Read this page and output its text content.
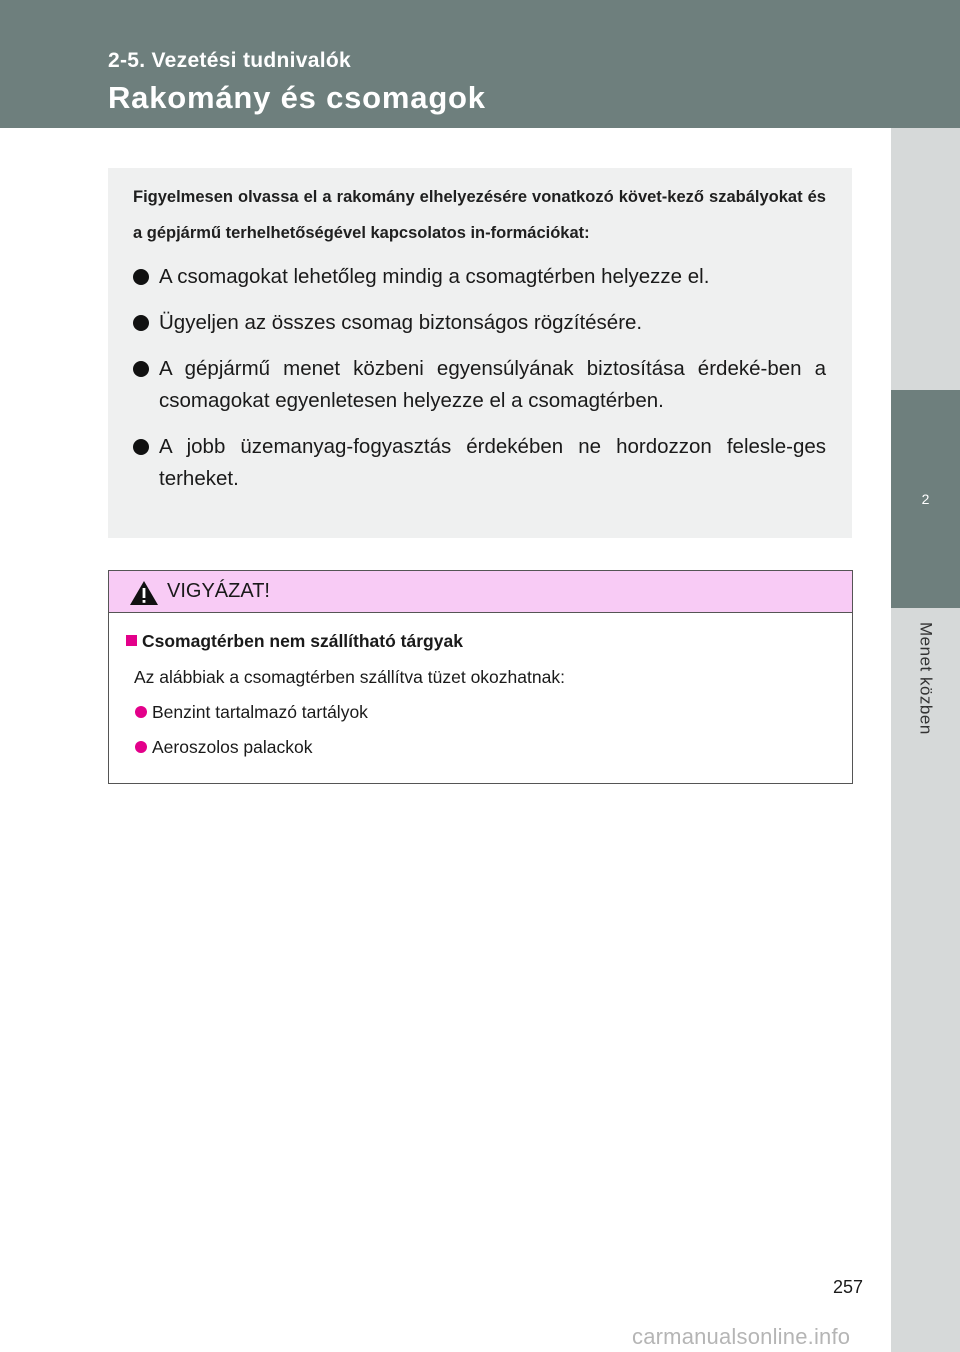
2-5. Vezetési tudnivalók
Rakomány és csomagok
2
Menet közben

Figyelmesen olvassa el a rakomány elhelyezésére vonatkozó követ-kező szabályokat és a gépjármű terhelhetőségével kapcsolatos in-formációkat:

A csomagokat lehetőleg mindig a csomagtérben helyezze el.
Ügyeljen az összes csomag biztonságos rögzítésére.
A gépjármű menet közbeni egyensúlyának biztosítása érdeké-ben a csomagokat egyenletesen helyezze el a csomagtérben.
A jobb üzemanyag-fogyasztás érdekében ne hordozzon felesle-ges terheket.
VIGYÁZAT!
Csomagtérben nem szállítható tárgyak
Az alábbiak a csomagtérben szállítva tüzet okozhatnak:
Benzint tartalmazó tartályok
Aeroszolos palackok
257
carmanualsonline.info
